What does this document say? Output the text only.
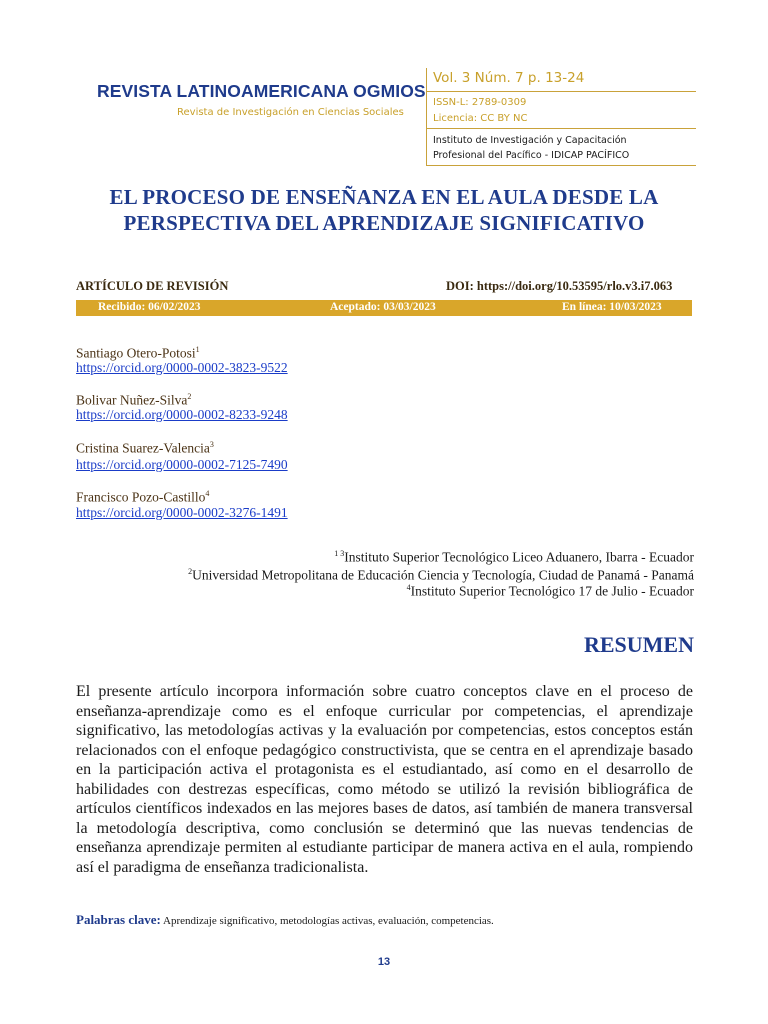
REVISTA LATINOAMERICANA OGMIOS
Revista de Investigación en Ciencias Sociales
Vol. 3 Núm. 7 p. 13-24
ISSN-L: 2789-0309
Licencia: CC BY NC
Instituto de Investigación y Capacitación
Profesional del Pacífico - IDICAP PACÍFICO
EL PROCESO DE ENSEÑANZA EN EL AULA DESDE LA
PERSPECTIVA DEL APRENDIZAJE SIGNIFICATIVO
ARTÍCULO DE REVISIÓN	DOI: https://doi.org/10.53595/rlo.v3.i7.063
Recibido: 06/02/2023	Aceptado: 03/03/2023	En línea: 10/03/2023
Santiago Otero-Potosi$^1$
https://orcid.org/0000-0002-3823-9522
Bolivar Nuñez-Silva$^2$
https://orcid.org/0000-0002-8233-9248
Cristina Suarez-Valencia$^3$
https://orcid.org/0000-0002-7125-7490
Francisco Pozo-Castillo$^4$
https://orcid.org/0000-0002-3276-1491
$^{1 3}$Instituto Superior Tecnológico Liceo Aduanero, Ibarra - Ecuador
$^2$Universidad Metropolitana de Educación Ciencia y Tecnología, Ciudad de Panamá - Panamá
$^4$Instituto Superior Tecnológico 17 de Julio - Ecuador
RESUMEN
El presente artículo incorpora información sobre cuatro conceptos clave en el proceso de enseñanza-aprendizaje como es el enfoque curricular por competencias, el aprendizaje significativo, las metodologías activas y la evaluación por competencias, estos conceptos están relacionados con el enfoque pedagógico constructivista, que se centra en el aprendizaje basado en la participación activa el protagonista es el estudiantado, así como en el desarrollo de habilidades con destrezas específicas, como método se utilizó la revisión bibliográfica de artículos científicos indexados en las mejores bases de datos, así también de manera transversal la metodología descriptiva, como conclusión se determinó que las nuevas tendencias de enseñanza aprendizaje permiten al estudiante participar de manera activa en el aula, rompiendo así el paradigma de enseñanza tradicionalista.
Palabras clave: Aprendizaje significativo, metodologías activas, evaluación, competencias.
13
